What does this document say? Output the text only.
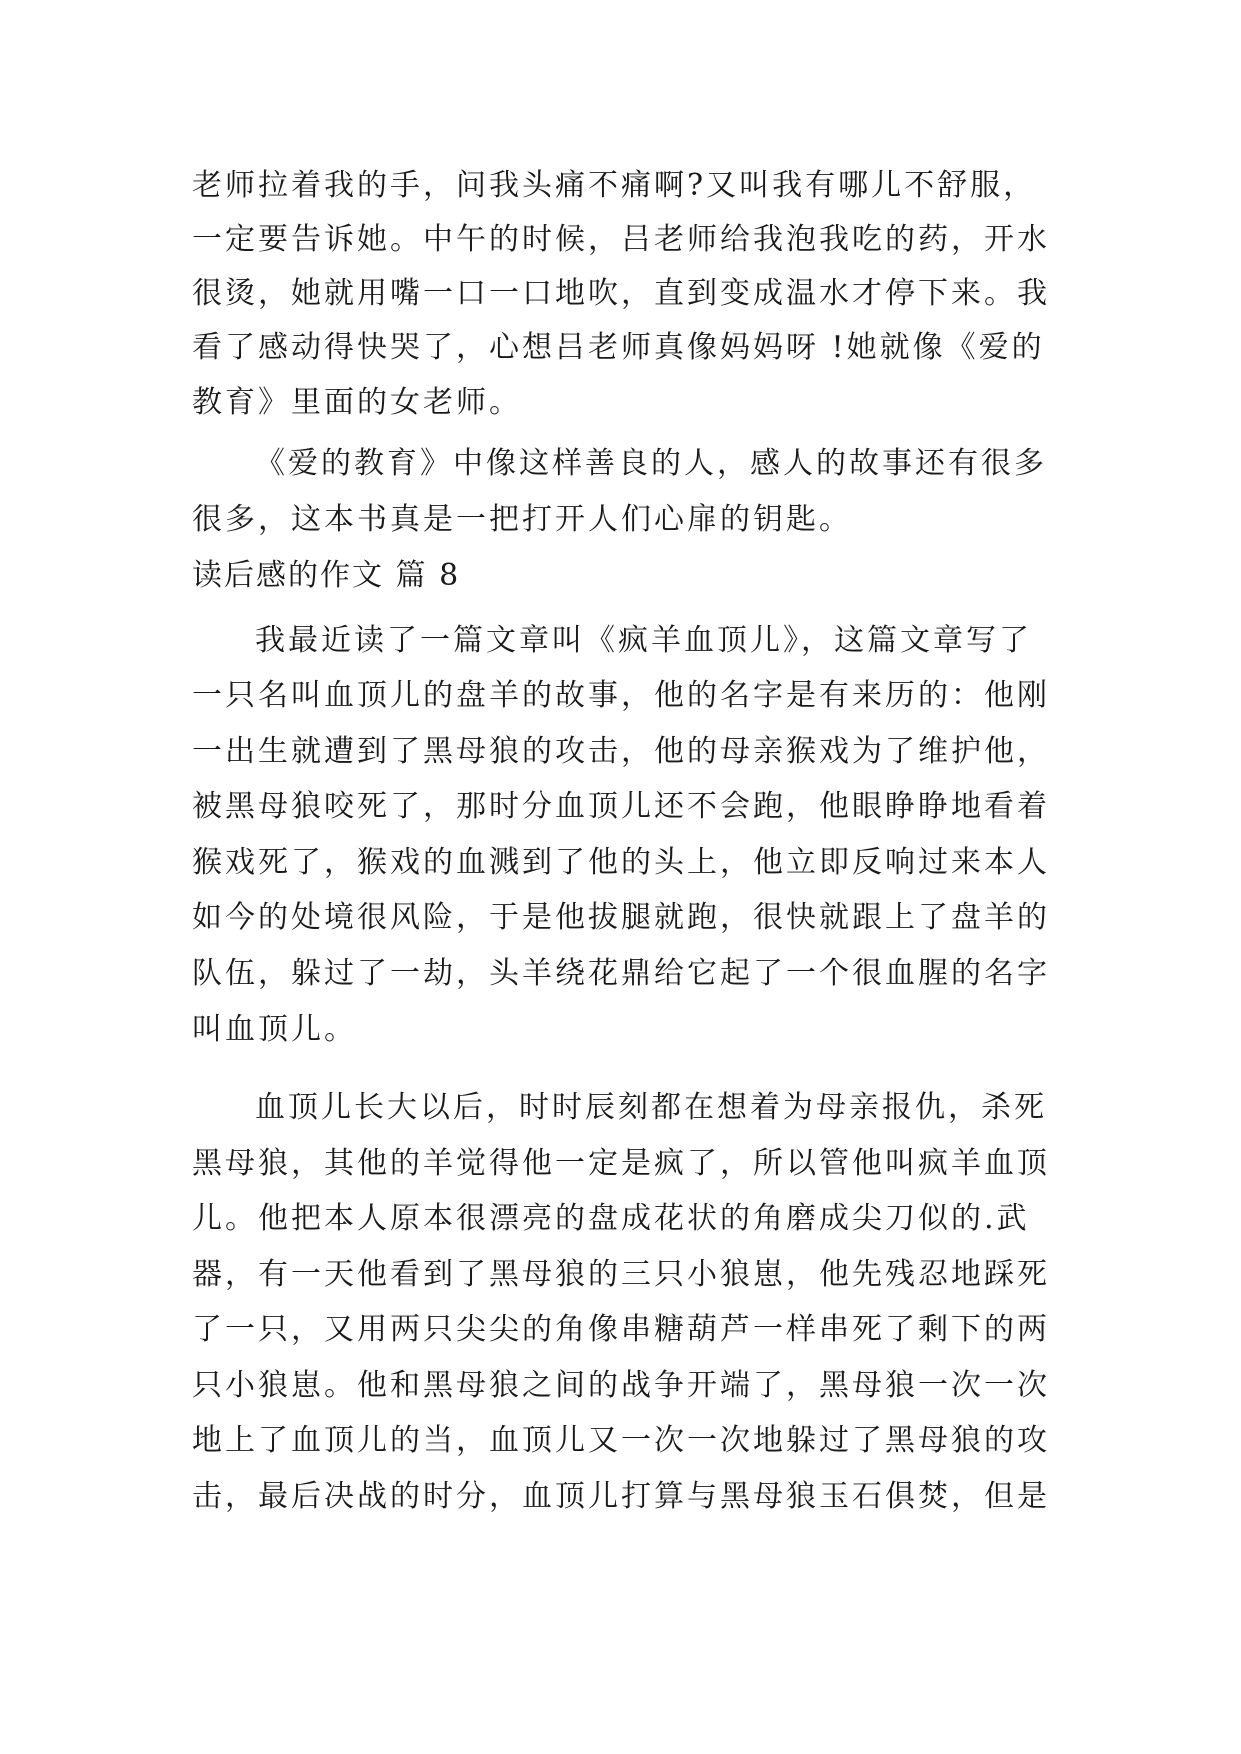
老师拉着我的手，问我头痛不痛啊?又叫我有哪儿不舒服，
一定要告诉她。中午的时候，吕老师给我泡我吃的药，开水
很烫，她就用嘴一口一口地吹，直到变成温水才停下来。我
看了感动得快哭了，心想吕老师真像妈妈呀 !她就像《爱的
教育》里面的女老师。
《爱的教育》中像这样善良的人，感人的故事还有很多
很多，这本书真是一把打开人们心扉的钥匙。
读后感的作文 篇 8
我最近读了一篇文章叫《疯羊血顶儿》，这篇文章写了
一只名叫血顶儿的盘羊的故事，他的名字是有来历的：他刚
一出生就遭到了黑母狼的攻击，他的母亲猴戏为了维护他，
被黑母狼咬死了，那时分血顶儿还不会跑，他眼睁睁地看着
猴戏死了，猴戏的血溅到了他的头上，他立即反响过来本人
如今的处境很风险，于是他拔腿就跑，很快就跟上了盘羊的
队伍，躲过了一劫，头羊绕花鼎给它起了一个很血腥的名字
叫血顶儿。
血顶儿长大以后，时时辰刻都在想着为母亲报仇，杀死
黑母狼，其他的羊觉得他一定是疯了，所以管他叫疯羊血顶
儿。他把本人原本很漂亮的盘成花状的角磨成尖刀似的.武
器，有一天他看到了黑母狼的三只小狼崽，他先残忍地踩死
了一只，又用两只尖尖的角像串糖葫芦一样串死了剩下的两
只小狼崽。他和黑母狼之间的战争开端了，黑母狼一次一次
地上了血顶儿的当，血顶儿又一次一次地躲过了黑母狼的攻
击，最后决战的时分，血顶儿打算与黑母狼玉石俱焚，但是
